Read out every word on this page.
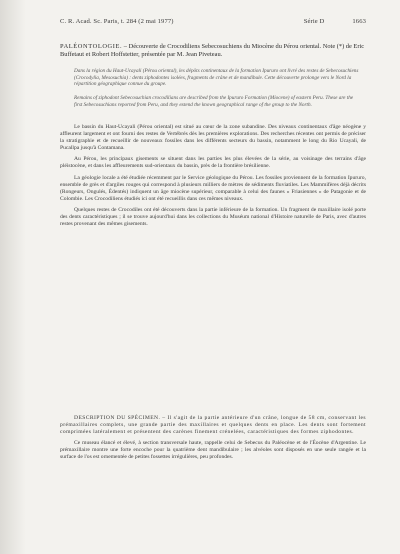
C. R. Acad. Sc. Paris, t. 284 (2 mai 1977)	Série D	1663
PALÉONTOLOGIE. – Découverte de Crocodiliens Sebecosuchiens du Miocène du Pérou oriental. Note (*) de Eric Buffetaut et Robert Hoffstetter, présentée par M. Jean Piveteau.
Dans la région du Haut-Ucayali (Pérou oriental), les dépôts continentaux de la formation Ipururo ont livré des restes de Sebecosuchiens (Crocodylia, Mesosuchia) : dents ziphodontes isolées, fragments de crâne et de mandibule. Cette découverte prolonge vers le Nord la répartition géographique connue du groupe.
Remains of ziphodont Sebecosuchian crocodilians are described from the Ipururo Formation (Miocene) of eastern Peru. These are the first Sebecosuchians reported from Peru, and they extend the known geographical range of the group to the North.

Le bassin du Haut-Ucayali (Pérou oriental) est situé au cœur de la zone subandine. Des niveaux continentaux d'âge néogène y affleurent largement et ont fourni des restes de Vertébrés dès les premières explorations. Des recherches récentes ont permis de préciser la stratigraphie et de recueillir de nouveaux fossiles dans les différents secteurs du bassin, notamment le long du Rio Ucayali, de Pucallpa jusqu'à Contamana.

Au Pérou, les principaux gisements se situent dans les parties les plus élevées de la série, au voisinage des terrains d'âge pléistocène, et dans les affleurements sud-orientaux du bassin, près de la frontière brésilienne.

La géologie locale a été étudiée récemment par le Service géologique du Pérou. Les fossiles proviennent de la formation Ipururo, ensemble de grès et d'argiles rouges qui correspond à plusieurs milliers de mètres de sédiments fluviatiles. Les Mammifères déjà décrits (Rongeurs, Ongulés, Édentés) indiquent un âge miocène supérieur, comparable à celui des faunes « Friasiennes » de Patagonie et de Colombie. Les Crocodiliens étudiés ici ont été recueillis dans ces mêmes niveaux.

Quelques restes de Crocodiles ont été découverts dans la partie inférieure de la formation. Un fragment de maxillaire isolé porte des dents caractéristiques ; il se trouve aujourd'hui dans les collections du Muséum national d'Histoire naturelle de Paris, avec d'autres restes provenant des mêmes gisements.

DESCRIPTION DU SPÉCIMEN. – Il s'agit de la partie antérieure d'un crâne, longue de 58 cm, conservant les prémaxillaires complets, une grande partie des maxillaires et quelques dents en place. Les dents sont fortement comprimées latéralement et présentent des carènes finement crénelées, caractéristiques des formes ziphodontes.

Ce museau élancé et élevé, à section transversale haute, rappelle celui de Sebecus du Paléocène et de l'Éocène d'Argentine. Le prémaxillaire montre une forte encoche pour la quatrième dent mandibulaire ; les alvéoles sont disposés en une seule rangée et la surface de l'os est ornementée de petites fossettes irrégulières, peu profondes.
